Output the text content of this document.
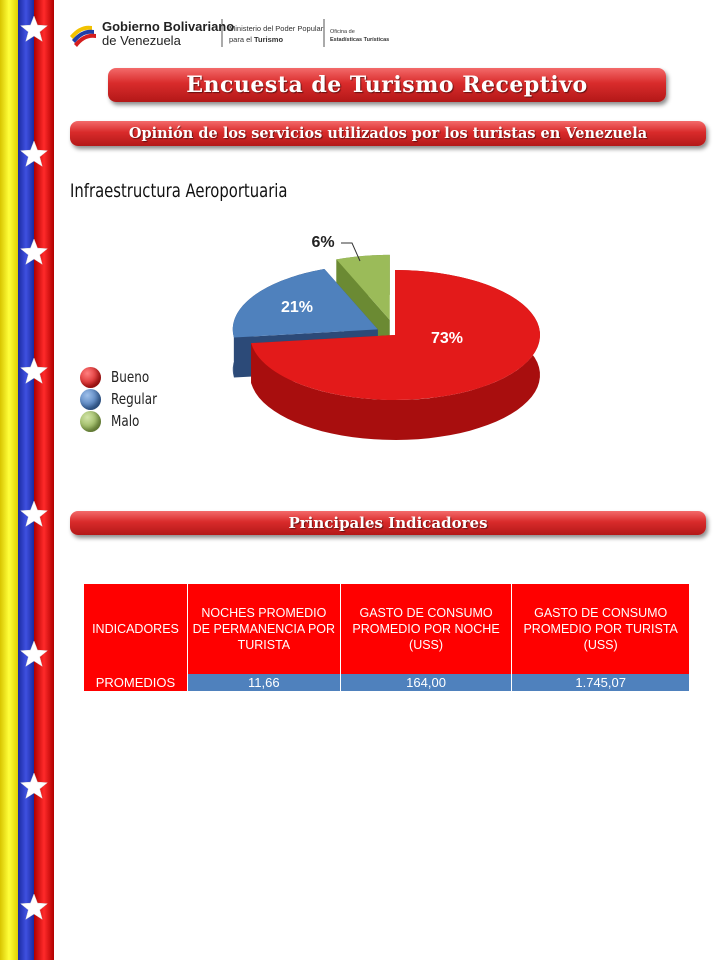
Gobierno Bolivariano
de Venezuela
Ministerio del Poder Popular
para el Turismo
Oficina de
Estadísticas Turísticas
Encuesta de Turismo Receptivo
Opinión de los servicios utilizados por los turistas en Venezuela
Infraestructura Aeroportuaria
73%
21%
6%
Bueno
Regular
Malo
Principales Indicadores
INDICADORES	NOCHES PROMEDIO DE PERMANENCIA POR TURISTA	GASTO DE CONSUMO PROMEDIO POR NOCHE (USS)	GASTO DE CONSUMO PROMEDIO POR TURISTA (USS)
PROMEDIOS	11,66	164,00	1.745,07
